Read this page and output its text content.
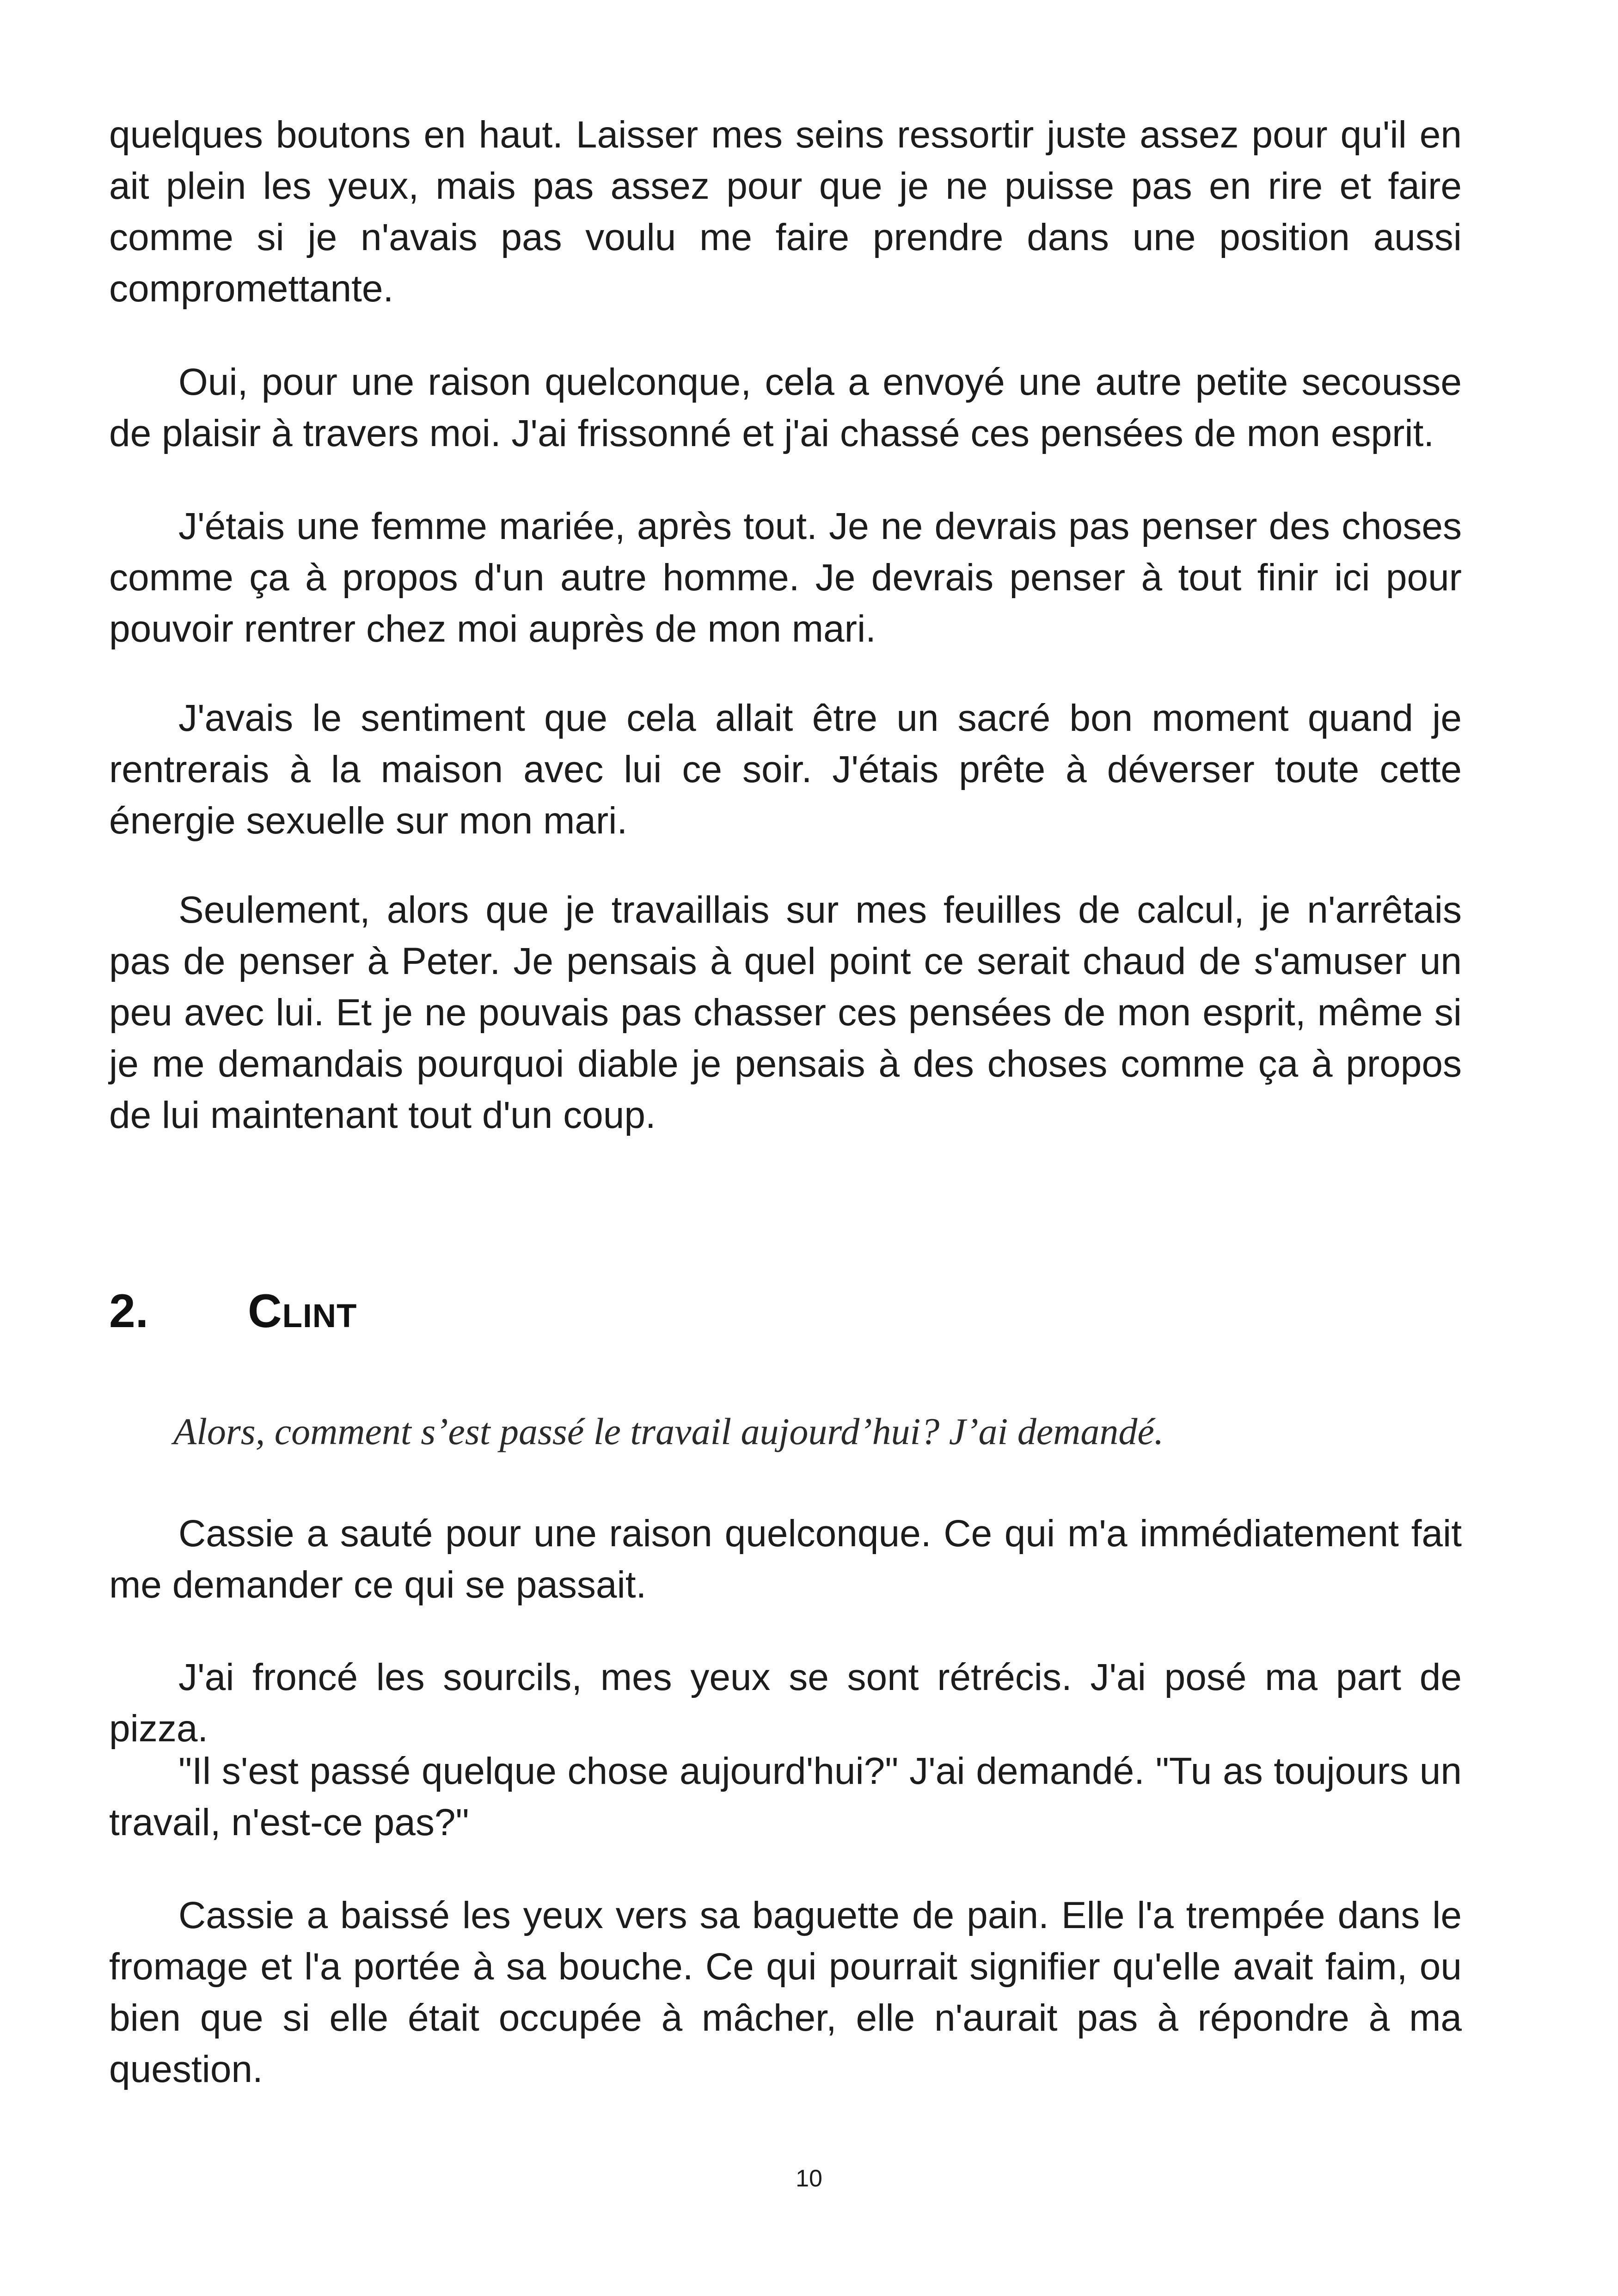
quelques boutons en haut. Laisser mes seins ressortir juste assez pour qu'il en ait plein les yeux, mais pas assez pour que je ne puisse pas en rire et faire comme si je n'avais pas voulu me faire prendre dans une position aussi compromettante.

Oui, pour une raison quelconque, cela a envoyé une autre petite secousse de plaisir à travers moi. J'ai frissonné et j'ai chassé ces pensées de mon esprit.

J'étais une femme mariée, après tout. Je ne devrais pas penser des choses comme ça à propos d'un autre homme. Je devrais penser à tout finir ici pour pouvoir rentrer chez moi auprès de mon mari.

J'avais le sentiment que cela allait être un sacré bon moment quand je rentrerais à la maison avec lui ce soir. J'étais prête à déverser toute cette énergie sexuelle sur mon mari.

Seulement, alors que je travaillais sur mes feuilles de calcul, je n'arrêtais pas de penser à Peter. Je pensais à quel point ce serait chaud de s'amuser un peu avec lui. Et je ne pouvais pas chasser ces pensées de mon esprit, même si je me demandais pourquoi diable je pensais à des choses comme ça à propos de lui maintenant tout d'un coup.

2. Clint

Alors, comment s’est passé le travail aujourd’hui? J’ai demandé.

Cassie a sauté pour une raison quelconque. Ce qui m'a immédiatement fait me demander ce qui se passait.

J'ai froncé les sourcils, mes yeux se sont rétrécis. J'ai posé ma part de pizza.

"Il s'est passé quelque chose aujourd'hui?" J'ai demandé. "Tu as toujours un travail, n'est-ce pas?"

Cassie a baissé les yeux vers sa baguette de pain. Elle l'a trempée dans le fromage et l'a portée à sa bouche. Ce qui pourrait signifier qu'elle avait faim, ou bien que si elle était occupée à mâcher, elle n'aurait pas à répondre à ma question.

10
